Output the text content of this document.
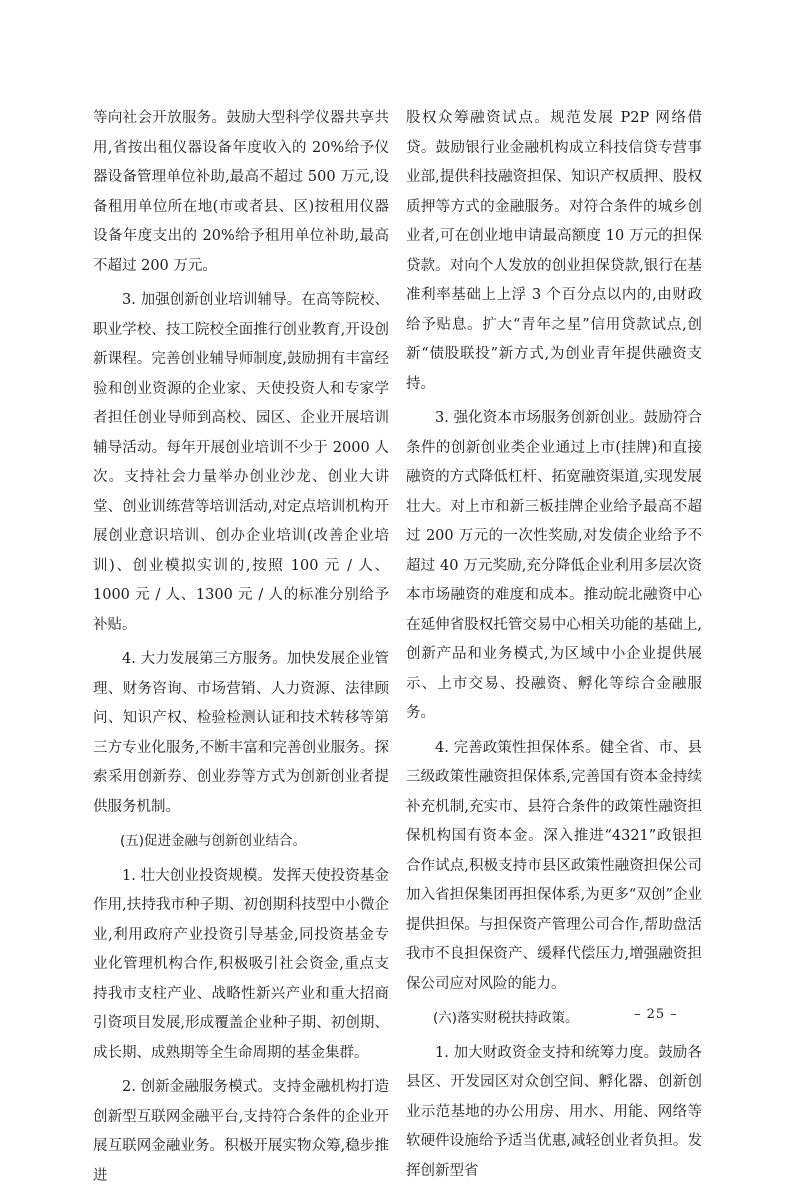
等向社会开放服务。鼓励大型科学仪器共享共用,省按出租仪器设备年度收入的 20%给予仪器设备管理单位补助,最高不超过 500 万元,设备租用单位所在地(市或者县、区)按租用仪器设备年度支出的 20%给予租用单位补助,最高不超过 200 万元。

3. 加强创新创业培训辅导。在高等院校、职业学校、技工院校全面推行创业教育,开设创新课程。完善创业辅导师制度,鼓励拥有丰富经验和创业资源的企业家、天使投资人和专家学者担任创业导师到高校、园区、企业开展培训辅导活动。每年开展创业培训不少于 2000 人次。支持社会力量举办创业沙龙、创业大讲堂、创业训练营等培训活动,对定点培训机构开展创业意识培训、创办企业培训(改善企业培训)、创业模拟实训的,按照 100 元 / 人、1000 元 / 人、1300 元 / 人的标准分别给予补贴。

4. 大力发展第三方服务。加快发展企业管理、财务咨询、市场营销、人力资源、法律顾问、知识产权、检验检测认证和技术转移等第三方专业化服务,不断丰富和完善创业服务。探索采用创新券、创业券等方式为创新创业者提供服务机制。

(五)促进金融与创新创业结合。

1. 壮大创业投资规模。发挥天使投资基金作用,扶持我市种子期、初创期科技型中小微企业,利用政府产业投资引导基金,同投资基金专业化管理机构合作,积极吸引社会资金,重点支持我市支柱产业、战略性新兴产业和重大招商引资项目发展,形成覆盖企业种子期、初创期、成长期、成熟期等全生命周期的基金集群。

2. 创新金融服务模式。支持金融机构打造创新型互联网金融平台,支持符合条件的企业开展互联网金融业务。积极开展实物众筹,稳步推进

股权众筹融资试点。规范发展 P2P 网络借贷。鼓励银行业金融机构成立科技信贷专营事业部,提供科技融资担保、知识产权质押、股权质押等方式的金融服务。对符合条件的城乡创业者,可在创业地申请最高额度 10 万元的担保贷款。对向个人发放的创业担保贷款,银行在基准利率基础上上浮 3 个百分点以内的,由财政给予贴息。扩大“青年之星”信用贷款试点,创新“债股联投”新方式,为创业青年提供融资支持。

3. 强化资本市场服务创新创业。鼓励符合条件的创新创业类企业通过上市(挂牌)和直接融资的方式降低杠杆、拓宽融资渠道,实现发展壮大。对上市和新三板挂牌企业给予最高不超过 200 万元的一次性奖励,对发债企业给予不超过 40 万元奖励,充分降低企业利用多层次资本市场融资的难度和成本。推动皖北融资中心在延伸省股权托管交易中心相关功能的基础上,创新产品和业务模式,为区域中小企业提供展示、上市交易、投融资、孵化等综合金融服务。

4. 完善政策性担保体系。健全省、市、县三级政策性融资担保体系,完善国有资本金持续补充机制,充实市、县符合条件的政策性融资担保机构国有资本金。深入推进“4321”政银担合作试点,积极支持市县区政策性融资担保公司加入省担保集团再担保体系,为更多“双创”企业提供担保。与担保资产管理公司合作,帮助盘活我市不良担保资产、缓释代偿压力,增强融资担保公司应对风险的能力。

(六)落实财税扶持政策。

1. 加大财政资金支持和统筹力度。鼓励各县区、开发园区对众创空间、孵化器、创新创业示范基地的办公用房、用水、用能、网络等软硬件设施给予适当优惠,减轻创业者负担。发挥创新型省

– 25 –
